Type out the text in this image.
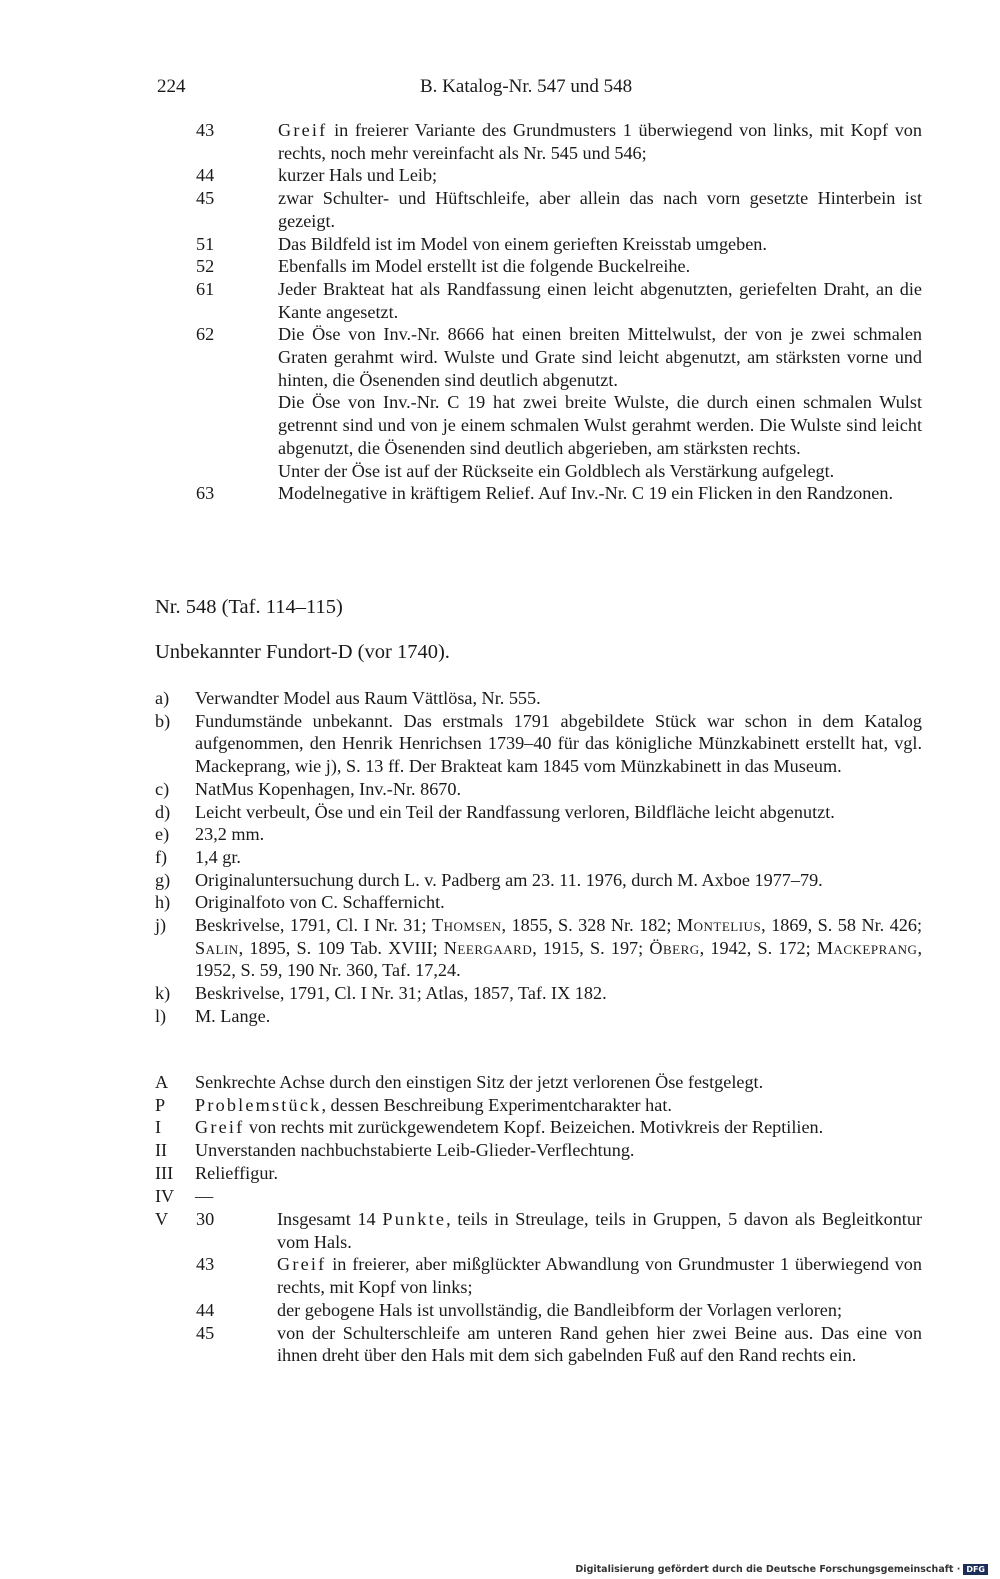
224	B. Katalog-Nr. 547 und 548
43	Greif in freierer Variante des Grundmusters 1 überwiegend von links, mit Kopf von rechts, noch mehr vereinfacht als Nr. 545 und 546;
44	kurzer Hals und Leib;
45	zwar Schulter- und Hüftschleife, aber allein das nach vorn gesetzte Hinterbein ist gezeigt.
51	Das Bildfeld ist im Model von einem gerieften Kreisstab umgeben.
52	Ebenfalls im Model erstellt ist die folgende Buckelreihe.
61	Jeder Brakteat hat als Randfassung einen leicht abgenutzten, geriefelten Draht, an die Kante angesetzt.
62	Die Öse von Inv.-Nr. 8666 hat einen breiten Mittelwulst, der von je zwei schmalen Graten gerahmt wird. Wulste und Grate sind leicht abgenutzt, am stärksten vorne und hinten, die Ösenenden sind deutlich abgenutzt.
Die Öse von Inv.-Nr. C 19 hat zwei breite Wulste, die durch einen schmalen Wulst getrennt sind und von je einem schmalen Wulst gerahmt werden. Die Wulste sind leicht abgenutzt, die Ösenenden sind deutlich abgerieben, am stärksten rechts.
Unter der Öse ist auf der Rückseite ein Goldblech als Verstärkung aufgelegt.
63	Modelnegative in kräftigem Relief. Auf Inv.-Nr. C 19 ein Flicken in den Randzonen.
Nr. 548 (Taf. 114–115)
Unbekannter Fundort-D (vor 1740).
a) Verwandter Model aus Raum Vättlösa, Nr. 555.
b) Fundumstände unbekannt. Das erstmals 1791 abgebildete Stück war schon in dem Katalog aufgenommen, den Henrik Henrichsen 1739–40 für das königliche Münzkabinett erstellt hat, vgl. Mackeprang, wie j), S. 13 ff. Der Brakteat kam 1845 vom Münzkabinett in das Museum.
c) NatMus Kopenhagen, Inv.-Nr. 8670.
d) Leicht verbeult, Öse und ein Teil der Randfassung verloren, Bildfläche leicht abgenutzt.
e) 23,2 mm.
f) 1,4 gr.
g) Originaluntersuchung durch L. v. Padberg am 23. 11. 1976, durch M. Axboe 1977–79.
h) Originalfoto von C. Schaffernicht.
j) Beskrivelse, 1791, Cl. I Nr. 31; Thomsen, 1855, S. 328 Nr. 182; Montelius, 1869, S. 58 Nr. 426; Salin, 1895, S. 109 Tab. XVIII; Neergaard, 1915, S. 197; Öberg, 1942, S. 172; Mackeprang, 1952, S. 59, 190 Nr. 360, Taf. 17,24.
k) Beskrivelse, 1791, Cl. I Nr. 31; Atlas, 1857, Taf. IX 182.
l) M. Lange.
A Senkrechte Achse durch den einstigen Sitz der jetzt verlorenen Öse festgelegt.
P Problemstück, dessen Beschreibung Experimentcharakter hat.
I Greif von rechts mit zurückgewendetem Kopf. Beizeichen. Motivkreis der Reptilien.
II Unverstanden nachbuchstabierte Leib-Glieder-Verflechtung.
III Relieffigur.
IV —
V 30	Insgesamt 14 Punkte, teils in Streulage, teils in Gruppen, 5 davon als Begleitkontur vom Hals.
43	Greif in freierer, aber mißglückter Abwandlung von Grundmuster 1 überwiegend von rechts, mit Kopf von links;
44	der gebogene Hals ist unvollständig, die Bandleibform der Vorlagen verloren;
45	von der Schulterschleife am unteren Rand gehen hier zwei Beine aus. Das eine von ihnen dreht über den Hals mit dem sich gabelnden Fuß auf den Rand rechts ein.
Digitalisierung gefördert durch die Deutsche Forschungsgemeinschaft · DFG
